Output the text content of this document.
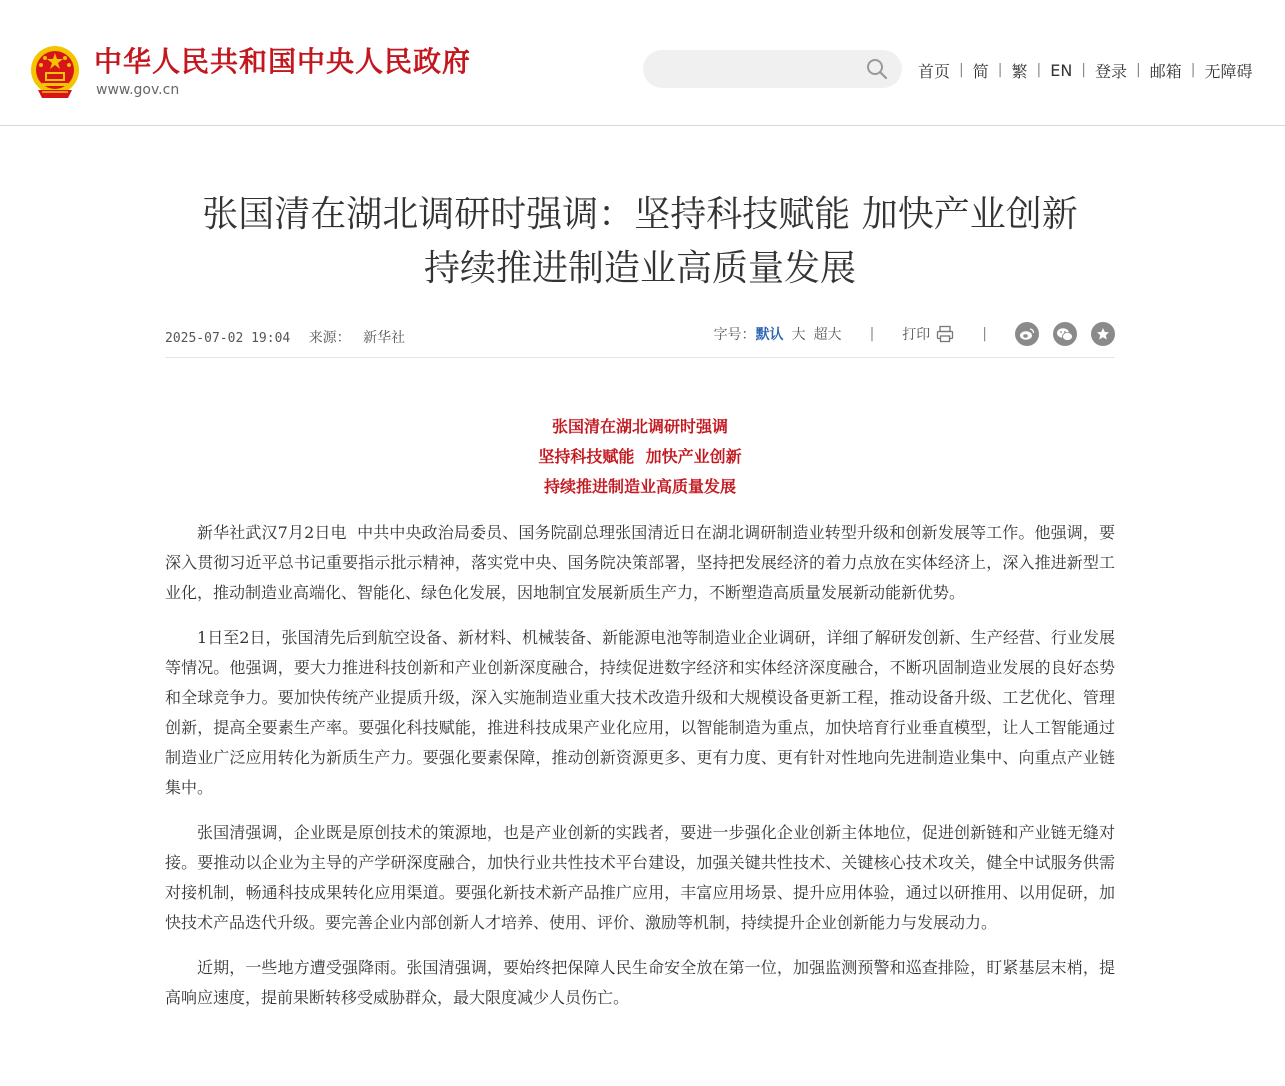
中华人民共和国中央人民政府
www.gov.cn
首页 | 简 | 繁 | EN | 登录 | 邮箱 | 无障碍
张国清在湖北调研时强调：坚持科技赋能 加快产业创新
持续推进制造业高质量发展
2025-07-02 19:04 来源： 新华社	字号： 默认 大 超大 | 打印	|
张国清在湖北调研时强调
坚持科技赋能  加快产业创新
持续推进制造业高质量发展

新华社武汉7月2日电  中共中央政治局委员、国务院副总理张国清近日在湖北调研制造业转型升级和创新发展等工作。他强调，要深入贯彻习近平总书记重要指示批示精神，落实党中央、国务院决策部署，坚持把发展经济的着力点放在实体经济上，深入推进新型工业化，推动制造业高端化、智能化、绿色化发展，因地制宜发展新质生产力，不断塑造高质量发展新动能新优势。

1日至2日，张国清先后到航空设备、新材料、机械装备、新能源电池等制造业企业调研，详细了解研发创新、生产经营、行业发展等情况。他强调，要大力推进科技创新和产业创新深度融合，持续促进数字经济和实体经济深度融合，不断巩固制造业发展的良好态势和全球竞争力。要加快传统产业提质升级，深入实施制造业重大技术改造升级和大规模设备更新工程，推动设备升级、工艺优化、管理创新，提高全要素生产率。要强化科技赋能，推进科技成果产业化应用，以智能制造为重点，加快培育行业垂直模型，让人工智能通过制造业广泛应用转化为新质生产力。要强化要素保障，推动创新资源更多、更有力度、更有针对性地向先进制造业集中、向重点产业链集中。

张国清强调，企业既是原创技术的策源地，也是产业创新的实践者，要进一步强化企业创新主体地位，促进创新链和产业链无缝对接。要推动以企业为主导的产学研深度融合，加快行业共性技术平台建设，加强关键共性技术、关键核心技术攻关，健全中试服务供需对接机制，畅通科技成果转化应用渠道。要强化新技术新产品推广应用，丰富应用场景、提升应用体验，通过以研推用、以用促研，加快技术产品迭代升级。要完善企业内部创新人才培养、使用、评价、激励等机制，持续提升企业创新能力与发展动力。

近期，一些地方遭受强降雨。张国清强调，要始终把保障人民生命安全放在第一位，加强监测预警和巡查排险，盯紧基层末梢，提高响应速度，提前果断转移受威胁群众，最大限度减少人员伤亡。
